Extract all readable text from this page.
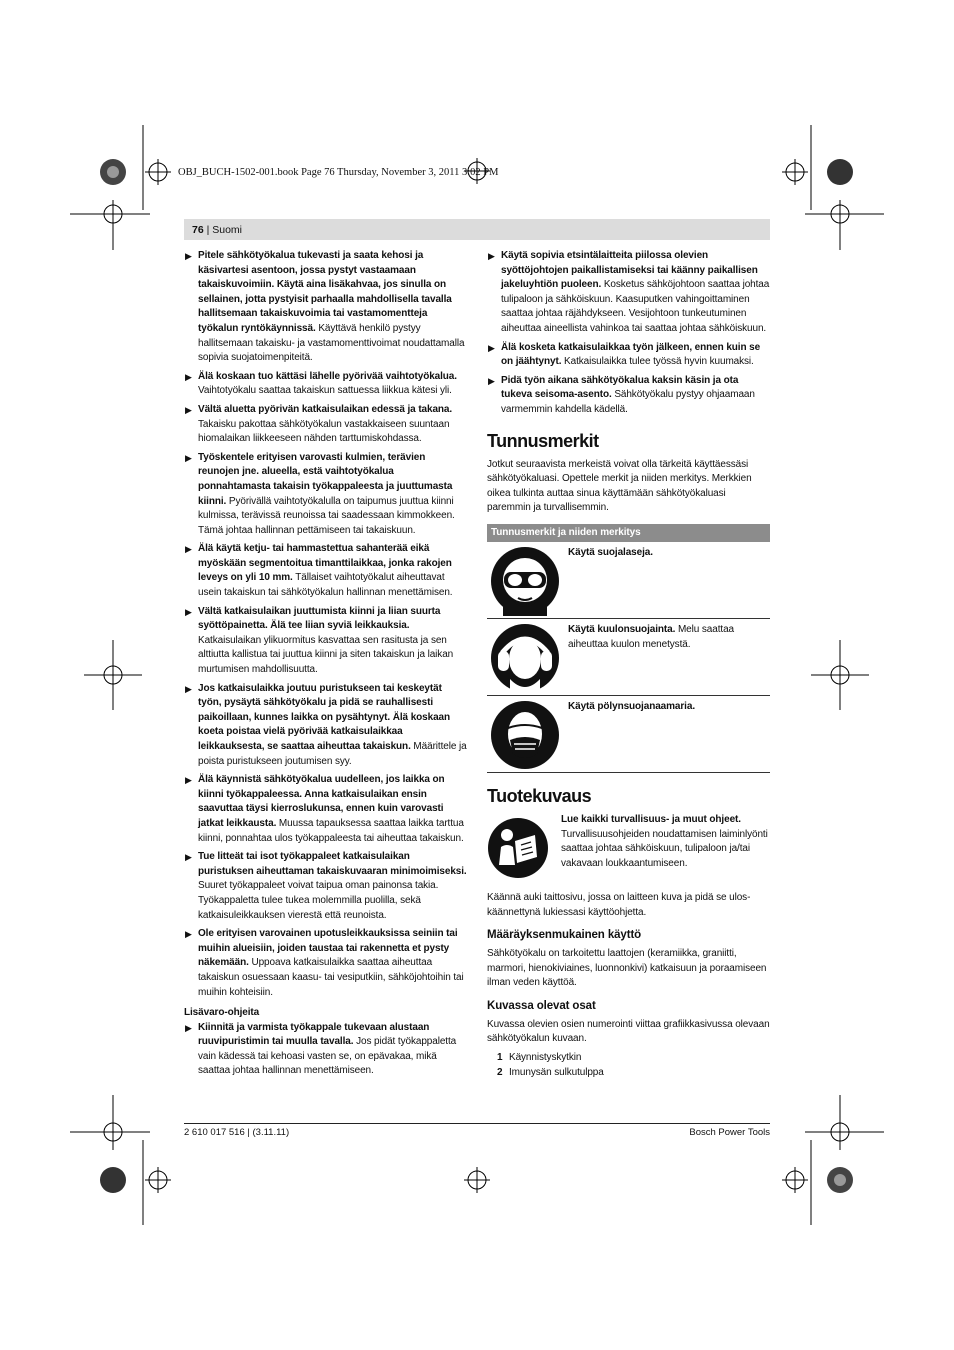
OBJ_BUCH-1502-001.book Page 76 Thursday, November 3, 2011 3:02 PM
76 | Suomi
▶ Pitele sähkötyökalua tukevasti ja saata kehosi ja käsivartesi asentoon, jossa pystyt vastaamaan takaiskuvoimiin. Käytä aina lisäkahvaa, jos sinulla on sellainen, jotta pystyisit parhaalla mahdollisella tavalla hallitsemaan takaiskuvoimia tai vastamomentteja työkalun ryntökäynnissä. Käyttävä henkilö pystyy hallitsemaan takaisku- ja vastamomenttivoimat noudattamalla sopivia suojatoimenpiteitä.
▶ Älä koskaan tuo kättäsi lähelle pyörivää vaihtotyökalua. Vaihtotyökalu saattaa takaiskun sattuessa liikkua kätesi yli.
▶ Vältä aluetta pyörivän katkaisulaikan edessä ja takana. Takaisku pakottaa sähkötyökalun vastakkaiseen suuntaan hiomalaikan liikkeeseen nähden tarttumiskohdassa.
▶ Työskentele erityisen varovasti kulmien, terävien reunojen jne. alueella, estä vaihtotyökalua ponnahtamasta takaisin työkappaleesta ja juuttumasta kiinni. Pyörivällä vaihtotyökalulla on taipumus juuttua kiinni kulmissa, terävissä reunoissa tai saadessaan kimmokkeen. Tämä johtaa hallinnan pettämiseen tai takaiskuun.
▶ Älä käytä ketju- tai hammastettua sahanterää eikä myöskään segmentoitua timanttilaikkaa, jonka rakojen leveys on yli 10 mm. Tällaiset vaihtotyökalut aiheuttavat usein takaiskun tai sähkötyökalun hallinnan menettämisen.
▶ Vältä katkaisulaikan juuttumista kiinni ja liian suurta syöttöpainetta. Älä tee liian syviä leikkauksia. Katkaisulaikan ylikuormitus kasvattaa sen rasitusta ja sen alttiutta kallistua tai juuttua kiinni ja siten takaiskun ja laikan murtumisen mahdollisuutta.
▶ Jos katkaisulaikka joutuu puristukseen tai keskeytät työn, pysäytä sähkötyökalu ja pidä se rauhallisesti paikoillaan, kunnes laikka on pysähtynyt. Älä koskaan koeta poistaa vielä pyörivää katkaisulaikkaa leikkauksesta, se saattaa aiheuttaa takaiskun. Määrittele ja poista puristukseen joutumisen syy.
▶ Älä käynnistä sähkötyökalua uudelleen, jos laikka on kiinni työkappaleessa. Anna katkaisulaikan ensin saavuttaa täysi kierroslukunsa, ennen kuin varovasti jatkat leikkausta. Muussa tapauksessa saattaa laikka tarttua kiinni, ponnahtaa ulos työkappaleesta tai aiheuttaa takaiskun.
▶ Tue litteät tai isot työkappaleet katkaisulaikan puristuksen aiheuttaman takaiskuvaaran minimoimiseksi. Suuret työkappaleet voivat taipua oman painonsa takia. Työkappaletta tulee tukea molemmilla puolilla, sekä katkaisuleikkauksen vierestä että reunoista.
▶ Ole erityisen varovainen upotusleikkauksissa seiniin tai muihin alueisiin, joiden taustaa tai rakennetta et pysty näkemään. Uppoava katkaisulaikka saattaa aiheuttaa takaiskun osuessaan kaasu- tai vesiputkiin, sähköjohtoihin tai muihin kohteisiin.
Lisävaro-ohjeita
▶ Kiinnitä ja varmista työkappale tukevaan alustaan ruuvipuristimin tai muulla tavalla. Jos pidät työkappaletta vain kädessä tai kehoasi vasten se, on epävakaa, mikä saattaa johtaa hallinnan menettämiseen.
▶ Käytä sopivia etsintälaitteita piilossa olevien syöttöjohtojen paikallistamiseksi tai käänny paikallisen jakeluyhtiön puoleen. Kosketus sähköjohtoon saattaa johtaa tulipaloon ja sähköiskuun. Kaasuputken vahingoittaminen saattaa johtaa räjähdykseen. Vesijohtoon tunkeutuminen aiheuttaa aineellista vahinkoa tai saattaa johtaa sähköiskuun.
▶ Älä kosketa katkaisulaikkaa työn jälkeen, ennen kuin se on jäähtynyt. Katkaisulaikka tulee työssä hyvin kuumaksi.
▶ Pidä työn aikana sähkötyökalua kaksin käsin ja ota tukeva seisoma-asento. Sähkötyökalu pystyy ohjaamaan varmemmin kahdella kädellä.
Tunnusmerkit

Jotkut seuraavista merkeistä voivat olla tärkeitä käyttäessäsi sähkötyökaluasi. Opettele merkit ja niiden merkitys. Merkkien oikea tulkinta auttaa sinua käyttämään sähkötyökaluasi paremmin ja turvallisemmin.

Tunnusmerkit ja niiden merkitys
Käytä suojalaseja.
Käytä kuulonsuojainta. Melu saattaa aiheuttaa kuulon menetystä.
Käytä pölynsuojanaamaria.
Tuotekuvaus
Lue kaikki turvallisuus- ja muut ohjeet. Turvallisuusohjeiden noudattamisen laiminlyönti saattaa johtaa sähköiskuun, tulipaloon ja/tai vakavaan loukkaantumiseen.

Käännä auki taittosivu, jossa on laitteen kuva ja pidä se ulos-käännettynä lukiessasi käyttöohjetta.

Määräyksenmukainen käyttö

Sähkötyökalu on tarkoitettu laattojen (keramiikka, graniitti, marmori, hienokiviaines, luonnonkivi) katkaisuun ja poraamiseen ilman veden käyttöä.

Kuvassa olevat osat

Kuvassa olevien osien numerointi viittaa grafiikkasivussa olevaan sähkötyökalun kuvaan.

1 Käynnistyskytkin
2 Imunysän sulkutulppa
2 610 017 516 | (3.11.11)	Bosch Power Tools
